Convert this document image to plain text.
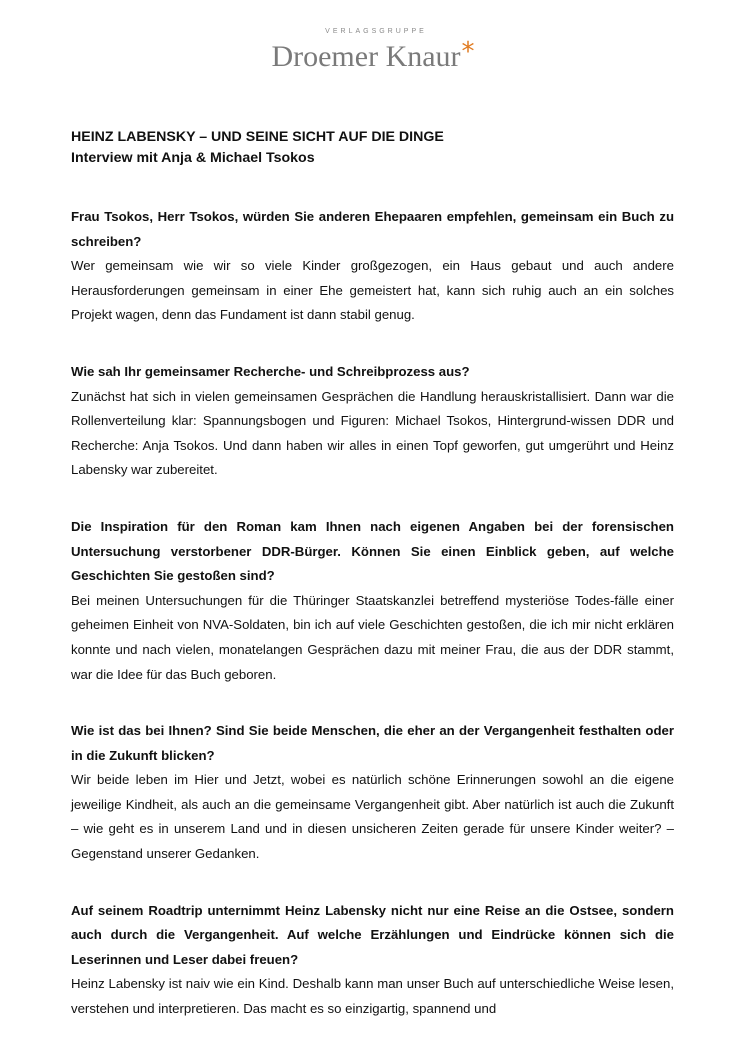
VERLAGSGRUPPE
Droemer Knaur*

HEINZ LABENSKY – UND SEINE SICHT AUF DIE DINGE

Interview mit Anja & Michael Tsokos

Frau Tsokos, Herr Tsokos, würden Sie anderen Ehepaaren empfehlen, gemeinsam ein Buch zu schreiben?

Wer gemeinsam wie wir so viele Kinder großgezogen, ein Haus gebaut und auch andere Herausforderungen gemeinsam in einer Ehe gemeistert hat, kann sich ruhig auch an ein solches Projekt wagen, denn das Fundament ist dann stabil genug.

Wie sah Ihr gemeinsamer Recherche- und Schreibprozess aus?

Zunächst hat sich in vielen gemeinsamen Gesprächen die Handlung herauskristallisiert. Dann war die Rollenverteilung klar: Spannungsbogen und Figuren: Michael Tsokos, Hintergrund-wissen DDR und Recherche: Anja Tsokos. Und dann haben wir alles in einen Topf geworfen, gut umgerührt und Heinz Labensky war zubereitet.

Die Inspiration für den Roman kam Ihnen nach eigenen Angaben bei der forensischen Untersuchung verstorbener DDR-Bürger. Können Sie einen Einblick geben, auf welche Geschichten Sie gestoßen sind?

Bei meinen Untersuchungen für die Thüringer Staatskanzlei betreffend mysteriöse Todes-fälle einer geheimen Einheit von NVA-Soldaten, bin ich auf viele Geschichten gestoßen, die ich mir nicht erklären konnte und nach vielen, monatelangen Gesprächen dazu mit meiner Frau, die aus der DDR stammt, war die Idee für das Buch geboren.

Wie ist das bei Ihnen? Sind Sie beide Menschen, die eher an der Vergangenheit festhalten oder in die Zukunft blicken?

Wir beide leben im Hier und Jetzt, wobei es natürlich schöne Erinnerungen sowohl an die eigene jeweilige Kindheit, als auch an die gemeinsame Vergangenheit gibt. Aber natürlich ist auch die Zukunft – wie geht es in unserem Land und in diesen unsicheren Zeiten gerade für unsere Kinder weiter? – Gegenstand unserer Gedanken.

Auf seinem Roadtrip unternimmt Heinz Labensky nicht nur eine Reise an die Ostsee, sondern auch durch die Vergangenheit. Auf welche Erzählungen und Eindrücke können sich die Leserinnen und Leser dabei freuen?

Heinz Labensky ist naiv wie ein Kind. Deshalb kann man unser Buch auf unterschiedliche Weise lesen, verstehen und interpretieren. Das macht es so einzigartig, spannend und
